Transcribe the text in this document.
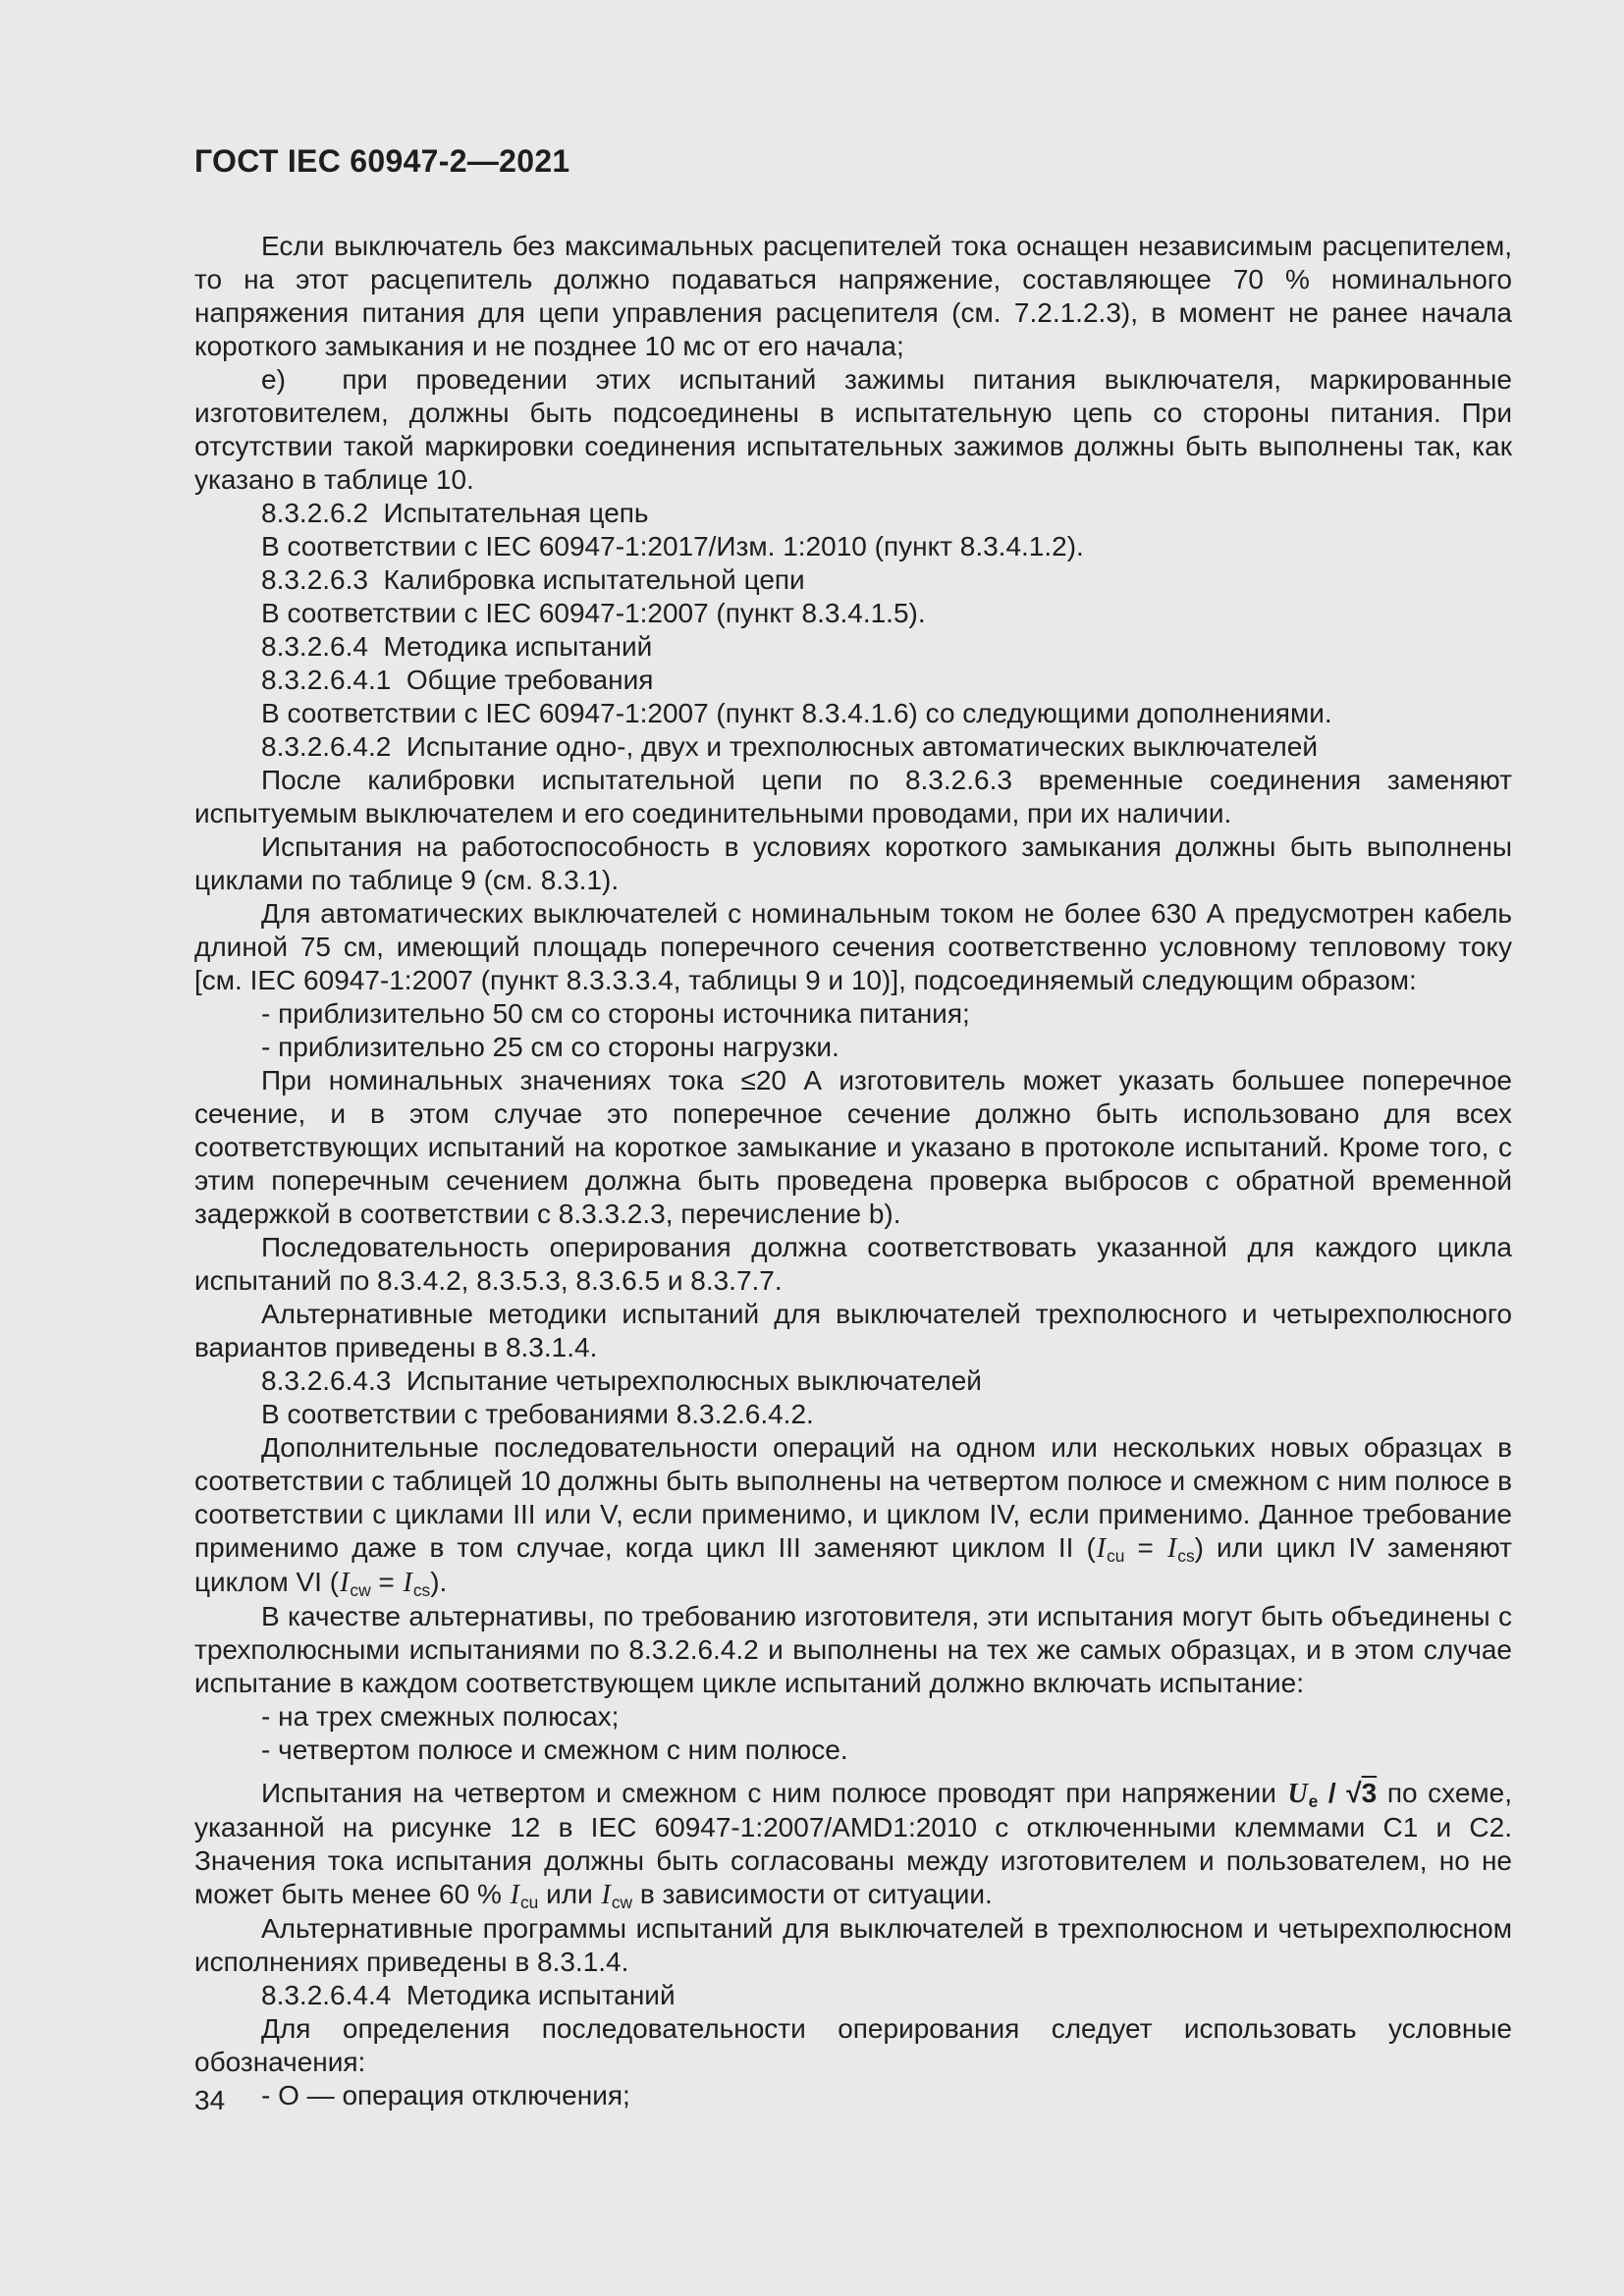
ГОСТ IEC 60947-2—2021

Если выключатель без максимальных расцепителей тока оснащен независимым расцепителем, то на этот расцепитель должно подаваться напряжение, составляющее 70 % номинального напряжения питания для цепи управления расцепителя (см. 7.2.1.2.3), в момент не ранее начала короткого замыкания и не позднее 10 мс от его начала;

е)  при проведении этих испытаний зажимы питания выключателя, маркированные изготовителем, должны быть подсоединены в испытательную цепь со стороны питания. При отсутствии такой маркировки соединения испытательных зажимов должны быть выполнены так, как указано в таблице 10.

8.3.2.6.2  Испытательная цепь

В соответствии с IEC 60947-1:2017/Изм. 1:2010 (пункт 8.3.4.1.2).

8.3.2.6.3  Калибровка испытательной цепи

В соответствии с IEC 60947-1:2007 (пункт 8.3.4.1.5).

8.3.2.6.4  Методика испытаний

8.3.2.6.4.1  Общие требования

В соответствии с IEC 60947-1:2007 (пункт 8.3.4.1.6) со следующими дополнениями.

8.3.2.6.4.2  Испытание одно-, двух и трехполюсных автоматических выключателей

После калибровки испытательной цепи по 8.3.2.6.3 временные соединения заменяют испытуемым выключателем и его соединительными проводами, при их наличии.

Испытания на работоспособность в условиях короткого замыкания должны быть выполнены циклами по таблице 9 (см. 8.3.1).

Для автоматических выключателей с номинальным током не более 630 А предусмотрен кабель длиной 75 см, имеющий площадь поперечного сечения соответственно условному тепловому току [см. IEC 60947-1:2007 (пункт 8.3.3.3.4, таблицы 9 и 10)], подсоединяемый следующим образом:

- приблизительно 50 см со стороны источника питания;

- приблизительно 25 см со стороны нагрузки.

При номинальных значениях тока ≤20 А изготовитель может указать большее поперечное сечение, и в этом случае это поперечное сечение должно быть использовано для всех соответствующих испытаний на короткое замыкание и указано в протоколе испытаний. Кроме того, с этим поперечным сечением должна быть проведена проверка выбросов с обратной временной задержкой в соответствии с 8.3.3.2.3, перечисление b).

Последовательность оперирования должна соответствовать указанной для каждого цикла испытаний по 8.3.4.2, 8.3.5.3, 8.3.6.5 и 8.3.7.7.

Альтернативные методики испытаний для выключателей трехполюсного и четырехполюсного вариантов приведены в 8.3.1.4.

8.3.2.6.4.3  Испытание четырехполюсных выключателей

В соответствии с требованиями 8.3.2.6.4.2.

Дополнительные последовательности операций на одном или нескольких новых образцах в соответствии с таблицей 10 должны быть выполнены на четвертом полюсе и смежном с ним полюсе в соответствии с циклами III или V, если применимо, и циклом IV, если применимо. Данное требование применимо даже в том случае, когда цикл III заменяют циклом II $(I_{cu} = I_{cs})$ или цикл IV заменяют циклом VI $(I_{cw} = I_{cs})$.

В качестве альтернативы, по требованию изготовителя, эти испытания могут быть объединены с трехполюсными испытаниями по 8.3.2.6.4.2 и выполнены на тех же самых образцах, и в этом случае испытание в каждом соответствующем цикле испытаний должно включать испытание:

- на трех смежных полюсах;

- четвертом полюсе и смежном с ним полюсе.

Испытания на четвертом и смежном с ним полюсе проводят при напряжении $U_e / √3$ по схеме, указанной на рисунке 12 в IEC 60947-1:2007/AMD1:2010 с отключенными клеммами C1 и C2. Значения тока испытания должны быть согласованы между изготовителем и пользователем, но не может быть менее 60 % $I_{cu}$ или $I_{cw}$ в зависимости от ситуации.

Альтернативные программы испытаний для выключателей в трехполюсном и четырехполюсном исполнениях приведены в 8.3.1.4.

8.3.2.6.4.4  Методика испытаний

Для определения последовательности оперирования следует использовать условные обозначения:

- О — операция отключения;

34
